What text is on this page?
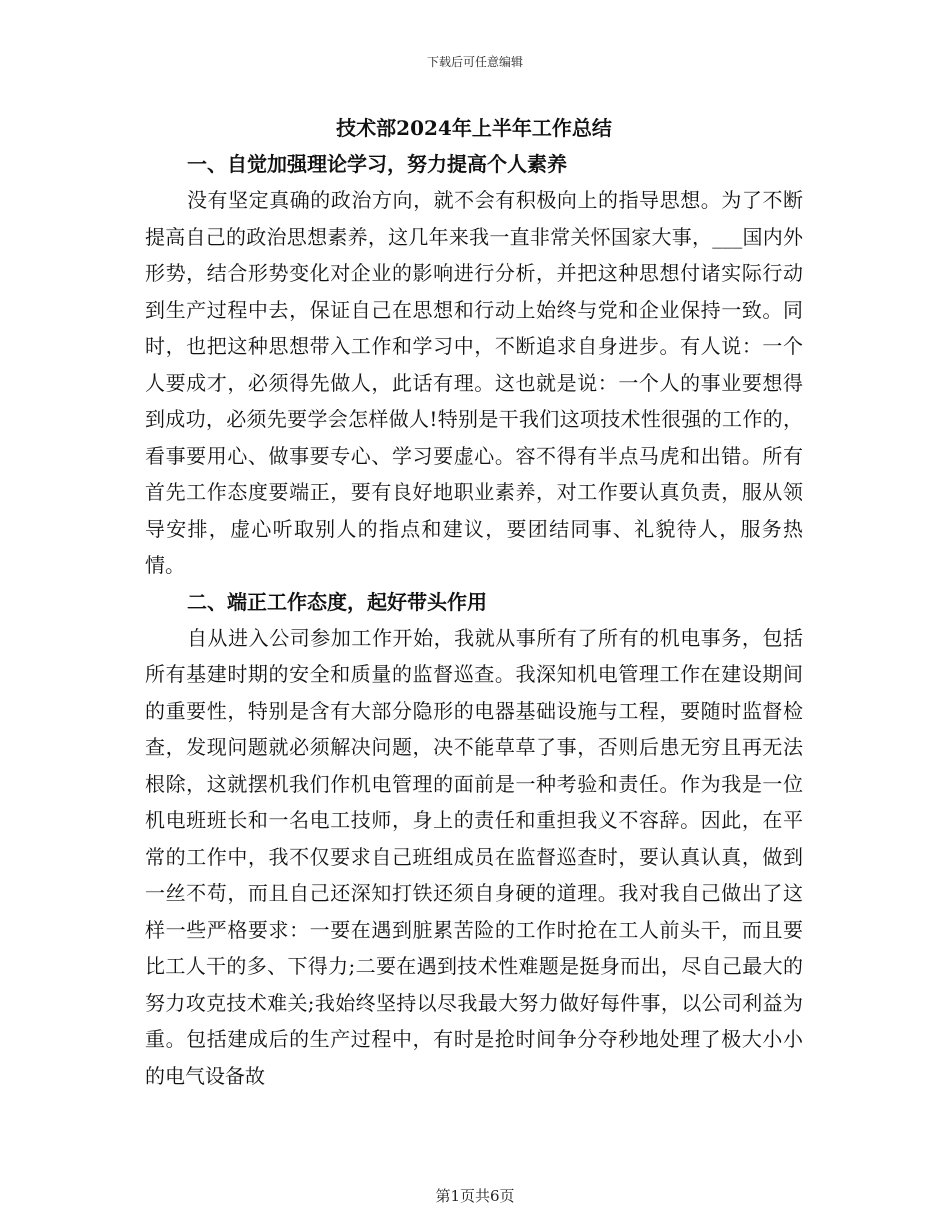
下载后可任意编辑

技术部2024年上半年工作总结

一、自觉加强理论学习，努力提高个人素养

没有坚定真确的政治方向，就不会有积极向上的指导思想。为了不断提高自己的政治思想素养，这几年来我一直非常关怀国家大事，___国内外形势，结合形势变化对企业的影响进行分析，并把这种思想付诸实际行动到生产过程中去，保证自己在思想和行动上始终与党和企业保持一致。同时，也把这种思想带入工作和学习中，不断追求自身进步。有人说：一个人要成才，必须得先做人，此话有理。这也就是说：一个人的事业要想得到成功，必须先要学会怎样做人!特别是干我们这项技术性很强的工作的，看事要用心、做事要专心、学习要虚心。容不得有半点马虎和出错。所有首先工作态度要端正，要有良好地职业素养，对工作要认真负责，服从领导安排，虚心听取别人的指点和建议，要团结同事、礼貌待人，服务热情。

二、端正工作态度，起好带头作用

自从进入公司参加工作开始，我就从事所有了所有的机电事务，包括所有基建时期的安全和质量的监督巡查。我深知机电管理工作在建设期间的重要性，特别是含有大部分隐形的电器基础设施与工程，要随时监督检查，发现问题就必须解决问题，决不能草草了事，否则后患无穷且再无法根除，这就摆机我们作机电管理的面前是一种考验和责任。作为我是一位机电班班长和一名电工技师，身上的责任和重担我义不容辞。因此，在平常的工作中，我不仅要求自己班组成员在监督巡查时，要认真认真，做到一丝不苟，而且自己还深知打铁还须自身硬的道理。我对我自己做出了这样一些严格要求：一要在遇到脏累苦险的工作时抢在工人前头干，而且要比工人干的多、下得力;二要在遇到技术性难题是挺身而出，尽自己最大的努力攻克技术难关;我始终坚持以尽我最大努力做好每件事，以公司利益为重。包括建成后的生产过程中，有时是抢时间争分夺秒地处理了极大小小的电气设备故

第1页共6页
